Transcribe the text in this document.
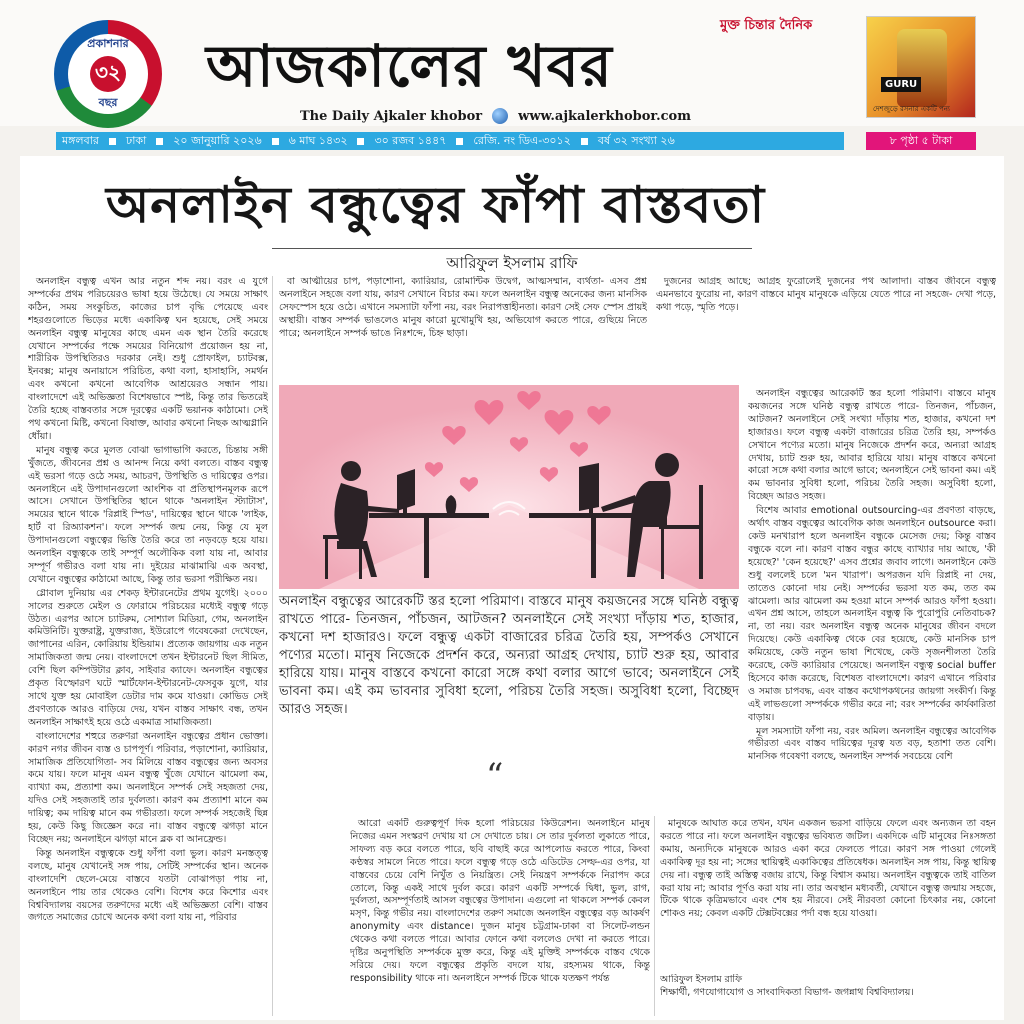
প্রকাশনার
৩২
বছর
মুক্ত চিন্তার দৈনিক
আজকালের খবর
The Daily Ajkaler khobor	www.ajkalerkhobor.com
GURU
দেশজুড়ে রসনার একটি পন্য
মঙ্গলবার ঢাকা ২০ জানুয়ারি ২০২৬ ৬ মাঘ ১৪৩২ ৩০ রজব ১৪৪৭ রেজি. নং ডিএ-৩০১২ বর্ষ ৩২ সংখ্যা ২৬	৮ পৃষ্ঠা ৫ টাকা
অনলাইন বন্ধুত্বের ফাঁপা বাস্তবতা
আরিফুল ইসলাম রাফি

অনলাইন বন্ধুত্ব এখন আর নতুন শব্দ নয়। বরং এ যুগে সম্পর্কের প্রথম পরিচয়েরও ভাষা হয়ে উঠেছে। যে সময়ে সাক্ষাৎ কঠিন, সময় সংকুচিত, কাজের চাপ বৃদ্ধি পেয়েছে এবং শহরগুলোতে ভিড়ের মধ্যে একাকিত্ব ঘন হয়েছে, সেই সময়ে অনলাইন বন্ধুত্ব মানুষের কাছে এমন এক স্থান তৈরি করেছে যেখানে সম্পর্কের পক্ষে সময়ের বিনিয়োগ প্রয়োজন হয় না, শারীরিক উপস্থিতিরও দরকার নেই। শুধু প্রোফাইল, চ্যাটবক্স, ইনবক্স; মানুষ অনায়াসে পরিচিত, কথা বলা, হাসাহাসি, সমর্থন এবং কখনো কখনো আবেগিক আশ্রয়েরও সন্ধান পায়। বাংলাদেশে এই অভিজ্ঞতা বিশেষভাবে স্পষ্ট, কিন্তু তার ভিতরেই তৈরি হচ্ছে বাস্তবতার সঙ্গে দূরত্বের একটি ভয়ানক কাঠামো। সেই পথ কখনো মিষ্টি, কখনো বিষাক্ত, আবার কখনো নিছক আত্মগ্লানি ধোঁয়া।

মানুষ বন্ধুত্ব করে মূলত বোঝা ভাগাভাগি করতে, চিন্তায় সঙ্গী খুঁজতে, জীবনের প্রশ্ন ও আনন্দ নিয়ে কথা বলতে। বাস্তব বন্ধুত্ব এই ভরসা গড়ে ওঠে সময়, আচরণ, উপস্থিতি ও দায়িত্বের ওপর। অনলাইনে এই উপাদানগুলো আংশিক বা প্রতিস্থাপনমূলক রূপে আসে। সেখানে উপস্থিতির স্থানে থাকে 'অনলাইন স্ট্যাটাস', সময়ের স্থানে থাকে 'রিপ্লাই স্পিড', দায়িত্বের স্থানে থাকে 'লাইক, হার্ট বা রিঅ্যাকশন'। ফলে সম্পর্ক জন্ম নেয়, কিন্তু যে মূল উপাদানগুলো বন্ধুত্বের ভিত্তি তৈরি করে তা নড়বড়ে হয়ে যায়। অনলাইন বন্ধুত্বকে তাই সম্পূর্ণ অলৌকিক বলা যায় না, আবার সম্পূর্ণ গভীরও বলা যায় না। দুইয়ের মাঝামাঝি এক অবস্থা, যেখানে বন্ধুত্বের কাঠামো আছে, কিন্তু তার ভরসা পরীক্ষিত নয়।

গ্লোবাল দুনিয়ায় এর শেকড় ইন্টারনেটের প্রথম যুগেই। ২০০০ সালের শুরুতে মেইল ও ফোরামে পরিচয়ের মধ্যেই বন্ধুত্ব গড়ে উঠত। এরপর আসে চ্যাটরুম, সোশ্যাল মিডিয়া, গেম, অনলাইন কমিউনিটি। যুক্তরাষ্ট্র, যুক্তরাজ্য, ইউরোপে গবেষকেরা দেখেছেন, জাপানের এরিন, কোরিয়ায় ইন্ডিয়াম। প্রত্যেক জায়গায় এক নতুন সামাজিকতা জন্ম নেয়। বাংলাদেশে তখন ইন্টারনেট ছিল সীমিত, বেশি ছিল কম্পিউটার ক্লাব, সাইবার ক্যাফে। অনলাইন বন্ধুত্বের প্রকৃত বিস্ফোরণ ঘটে স্মার্টফোন-ইন্টারনেট-ফেসবুক যুগে, যার সাথে যুক্ত হয় মোবাইল ডেটার দাম কমে যাওয়া। কোভিড সেই প্রবণতাকে আরও বাড়িয়ে দেয়, যখন বাস্তব সাক্ষাৎ বন্ধ, তখন অনলাইন সাক্ষাৎই হয়ে ওঠে একমাত্র সামাজিকতা।

বাংলাদেশের শহুরে তরুণরা অনলাইন বন্ধুত্বের প্রধান ভোক্তা। কারণ নগর জীবন ব্যস্ত ও চাপপূর্ণ। পরিবার, পড়াশোনা, ক্যারিয়ার, সামাজিক প্রতিযোগিতা- সব মিলিয়ে বাস্তব বন্ধুত্বের জন্য অবসর কমে যায়। ফলে মানুষ এমন বন্ধুত্ব খুঁজে যেখানে ঝামেলা কম, ব্যাখ্যা কম, প্রত্যাশা কম। অনলাইনে সম্পর্ক সেই সহজতা দেয়, যদিও সেই সহজতাই তার দুর্বলতা। কারণ কম প্রত্যাশা মানে কম দায়িত্ব; কম দায়িত্ব মানে কম গভীরতা। ফলে সম্পর্ক সহজেই ছিন্ন হয়, কেউ কিছু জিজ্ঞেস করে না। বাস্তব বন্ধুত্বে ঝগড়া মানে বিচ্ছেদ নয়; অনলাইনে ঝগড়া মানে ব্লক বা আনফ্রেন্ড।

কিন্তু অনলাইন বন্ধুত্বকে শুধু ফাঁপা বলা ভুল। কারণ মনস্তত্ত্ব বলছে, মানুষ যেখানেই সঙ্গ পায়, সেটিই সম্পর্কের স্থান। অনেক বাংলাদেশি ছেলে-মেয়ে বাস্তবে যতটা বোঝাপড়া পায় না, অনলাইনে পায় তার থেকেও বেশি। বিশেষ করে কিশোর এবং বিশ্ববিদ্যালয় বয়সের তরুণদের মধ্যে এই অভিজ্ঞতা বেশি। বাস্তব জগতে সমাজের চোখে অনেক কথা বলা যায় না, পরিবার

বা আত্মীয়ের চাপ, পড়াশোনা, ক্যারিয়ার, রোমান্টিক উদ্বেগ, আত্মসম্মান, ব্যর্থতা- এসব প্রশ্ন অনলাইনে সহজে বলা যায়, কারণ সেখানে বিচার কম। ফলে অনলাইন বন্ধুত্ব অনেকের জন্য মানসিক সেফস্পেস হয়ে ওঠে। এখানে সমস্যাটা ফাঁপা নয়, বরং নিরাপত্তাহীনতা। কারণ সেই সেফ স্পেস প্রায়ই অস্থায়ী। বাস্তব সম্পর্ক ভাঙলেও মানুষ কারো মুখোমুখি হয়, অভিযোগ করতে পারে, গুছিয়ে নিতে পারে; অনলাইনে সম্পর্ক ভাঙে নিঃশব্দে, চিহ্ন ছাড়া।

দুজনের আগ্রহ আছে; আগ্রহ ফুরোলেই দুজনের পথ আলাদা। বাস্তব জীবনে বন্ধুত্ব এমনভাবে ফুরোয় না, কারণ বাস্তবে মানুষ মানুষকে এড়িয়ে যেতে পারে না সহজে- দেখা পড়ে, কথা পড়ে, স্মৃতি পড়ে।

অনলাইন বন্ধুত্বের আরেকটি স্তর হলো পরিমাণ। বাস্তবে মানুষ কয়জনের সঙ্গে ঘনিষ্ঠ বন্ধুত্ব রাখতে পারে- তিনজন, পাঁচজন, আটজন? অনলাইনে সেই সংখ্যা দাঁড়ায় শত, হাজার, কখনো দশ হাজারও। ফলে বন্ধুত্ব একটা বাজারের চরিত্র তৈরি হয়, সম্পর্কও সেখানে পণ্যের মতো। মানুষ নিজেকে প্রদর্শন করে, অন্যরা আগ্রহ দেখায়, চ্যাট শুরু হয়, আবার হারিয়ে যায়। মানুষ বাস্তবে কখনো কারো সঙ্গে কথা বলার আগে ভাবে; অনলাইনে সেই ভাবনা কম। এই কম ভাবনার সুবিধা হলো, পরিচয় তৈরি সহজ। অসুবিধা হলো, বিচ্ছেদ আরও সহজ।
“

আরো একটি গুরুত্বপূর্ণ দিক হলো পরিচয়ের কিউরেশন। অনলাইনে মানুষ নিজের এমন সংস্করণ দেখায় যা সে দেখাতে চায়। সে তার দুর্বলতা লুকাতে পারে, সাফল্য বড় করে বলতে পারে, ছবি বাছাই করে আপলোড করতে পারে, কিংবা কণ্ঠস্বর সামলে নিতে পারে। ফলে বন্ধুত্ব গড়ে ওঠে এডিটেড সেল্ফ-এর ওপর, যা বাস্তবের চেয়ে বেশি নিখুঁত ও নিয়ন্ত্রিত। সেই নিয়ন্ত্রণ সম্পর্ককে নিরাপদ করে তোলে, কিন্তু একই সাথে দুর্বল করে। কারণ একটি সম্পর্কে দ্বিধা, ভুল, রাগ, দুর্বলতা, অসম্পূর্ণতাই আসল বন্ধুত্বের উপাদান। এগুলো না থাকলে সম্পর্ক কেবল মসৃণ, কিন্তু গভীর নয়। বাংলাদেশের তরুণ সমাজে অনলাইন বন্ধুত্বের বড় আকর্ষণ anonymity এবং distance। দুজন মানুষ চট্টগ্রাম-ঢাকা বা সিলেট-লন্ডন থেকেও কথা বলতে পারে। আবার ফোনে কথা বললেও দেখা না করতে পারে। দৃষ্টির অনুপস্থিতি সম্পর্ককে মুক্ত করে, কিন্তু এই মুক্তিই সম্পর্ককে বাস্তব থেকে সরিয়ে দেয়। ফলে বন্ধুত্বের প্রকৃতি বদলে যায়, রহস্যময় থাকে, কিন্তু responsibility থাকে না। অনলাইনে সম্পর্ক টিকে থাকে যতক্ষণ পর্যন্ত

অনলাইন বন্ধুত্বের আরেকটি স্তর হলো পরিমাণ। বাস্তবে মানুষ কয়জনের সঙ্গে ঘনিষ্ঠ বন্ধুত্ব রাখতে পারে- তিনজন, পাঁচজন, আটজন? অনলাইনে সেই সংখ্যা দাঁড়ায় শত, হাজার, কখনো দশ হাজারও। ফলে বন্ধুত্ব একটা বাজারের চরিত্র তৈরি হয়, সম্পর্কও সেখানে পণ্যের মতো। মানুষ নিজেকে প্রদর্শন করে, অন্যরা আগ্রহ দেখায়, চ্যাট শুরু হয়, আবার হারিয়ে যায়। মানুষ বাস্তবে কখনো কারো সঙ্গে কথা বলার আগে ভাবে; অনলাইনে সেই ভাবনা কম। এই কম ভাবনার সুবিধা হলো, পরিচয় তৈরি সহজ। অসুবিধা হলো, বিচ্ছেদ আরও সহজ।

বিশেষ আবার emotional outsourcing-এর প্রবণতা বাড়ছে, অর্থাৎ বাস্তব বন্ধুত্বের আবেগিক কাজ অনলাইনে outsource করা। কেউ মনখারাপ হলে অনলাইন বন্ধুকে মেসেজ দেয়; কিন্তু বাস্তব বন্ধুকে বলে না। কারণ বাস্তব বন্ধুর কাছে ব্যাখ্যার দায় আছে, 'কী হয়েছে?' 'কেন হয়েছে?' এসব প্রশ্নের জবাব লাগে। অনলাইনে কেউ শুধু বললেই চলে 'মন খারাপ'। অপরজন যদি রিপ্লাই না দেয়, তাতেও কোনো দায় নেই। সম্পর্কের ভরসা যত কম, তত কম ঝামেলা। আর ঝামেলা কম হওয়া মানে সম্পর্ক আরও ফাঁপা হওয়া। এখন প্রশ্ন আসে, তাহলে অনলাইন বন্ধুত্ব কি পুরোপুরি নেতিবাচক? না, তা নয়। বরং অনলাইন বন্ধুত্ব অনেক মানুষের জীবন বদলে দিয়েছে। কেউ একাকিত্ব থেকে বের হয়েছে, কেউ মানসিক চাপ কমিয়েছে, কেউ নতুন ভাষা শিখেছে, কেউ সৃজনশীলতা তৈরি করেছে, কেউ ক্যারিয়ার পেয়েছে। অনলাইন বন্ধুত্ব social buffer হিসেবে কাজ করেছে, বিশেষত বাংলাদেশে। কারণ এখানে পরিবার ও সমাজ চাপবদ্ধ, এবং বাস্তব কথোপকথনের জায়গা সংকীর্ণ। কিন্তু এই লাভগুলো সম্পর্ককে গভীর করে না; বরং সম্পর্কের কার্যকারিতা বাড়ায়।

মূল সমস্যাটা ফাঁপা নয়, বরং অমিল। অনলাইন বন্ধুত্বের আবেগিক গভীরতা এবং বাস্তব দায়িত্বের দূরত্ব যত বড়, হতাশা তত বেশি। মানসিক গবেষণা বলছে, অনলাইন সম্পর্ক সবচেয়ে বেশি

মানুষকে আঘাত করে তখন, যখন একজন ভরসা বাড়িয়ে ফেলে এবং অন্যজন তা বহন করতে পারে না। ফলে অনলাইন বন্ধুত্বের ভবিষ্যত জটিল। একদিকে এটি মানুষের নিঃসঙ্গতা কমায়, অন্যদিকে মানুষকে আরও একা করে ফেলতে পারে। কারণ সঙ্গ পাওয়া গেলেই একাকিত্ব দূর হয় না; সঙ্গের স্থায়িত্বই একাকিত্বের প্রতিষেধক। অনলাইন সঙ্গ পায়, কিন্তু স্থায়িত্ব দেয় না। বন্ধুত্ব তাই অস্তিত্ব বজায় রাখে, কিন্তু বিশ্বাস কমায়। অনলাইন বন্ধুত্বকে তাই বাতিল করা যায় না; আবার পূর্ণও করা যায় না। তার অবস্থান মধ্যবর্তী, যেখানে বন্ধুত্ব জন্মায় সহজে, টিকে থাকে কৃত্রিমভাবে এবং শেষ হয় নীরবে। সেই নীরবতা কোনো চিৎকার নয়, কোনো শোকও নয়; কেবল একটি টেক্সটবক্সের পর্দা বন্ধ হয়ে যাওয়া।

আরিফুল ইসলাম রাফি
শিক্ষার্থী, গণযোগাযোগ ও সাংবাদিকতা বিভাগ- জগন্নাথ বিশ্ববিদ্যালয়।
